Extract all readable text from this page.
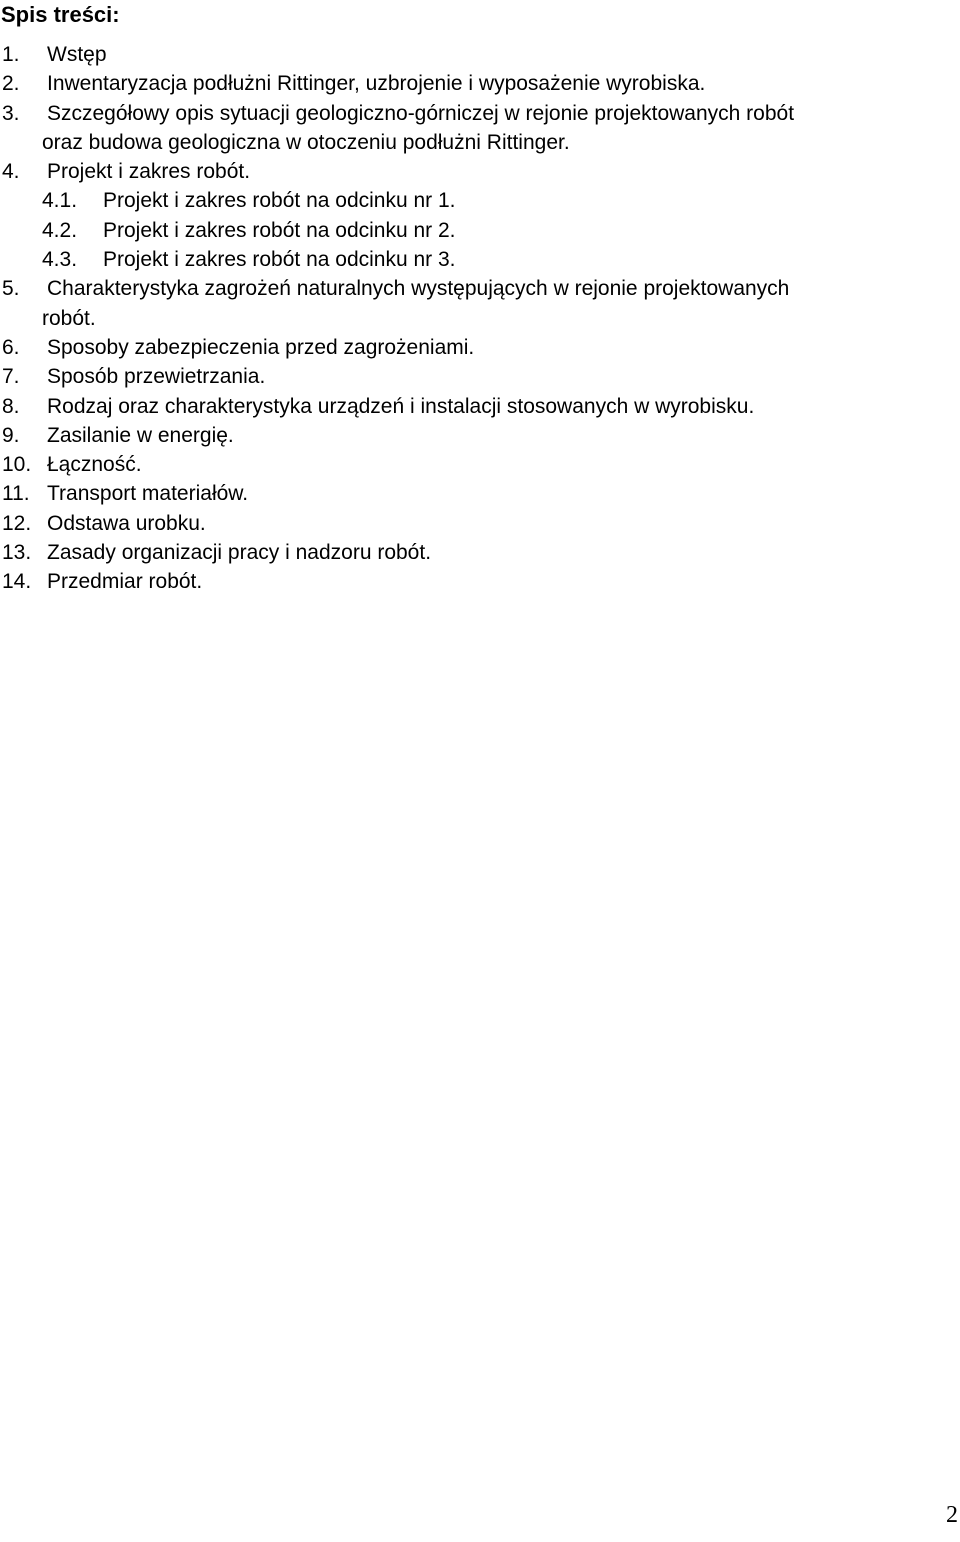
Spis treści:
1. Wstęp
2. Inwentaryzacja podłużni Rittinger, uzbrojenie i wyposażenie wyrobiska.
3. Szczegółowy opis sytuacji geologiczno-górniczej w rejonie projektowanych robót
oraz budowa geologiczna w otoczeniu podłużni Rittinger.
4. Projekt i zakres robót.
4.1. Projekt i zakres robót na odcinku nr 1.
4.2. Projekt i zakres robót na odcinku nr 2.
4.3. Projekt i zakres robót na odcinku nr 3.
5. Charakterystyka zagrożeń naturalnych występujących w rejonie projektowanych
robót.
6. Sposoby zabezpieczenia przed zagrożeniami.
7. Sposób przewietrzania.
8. Rodzaj oraz charakterystyka urządzeń i instalacji stosowanych w wyrobisku.
9. Zasilanie w energię.
10. Łączność.
11. Transport materiałów.
12. Odstawa urobku.
13. Zasady organizacji pracy i nadzoru robót.
14. Przedmiar robót.
2
